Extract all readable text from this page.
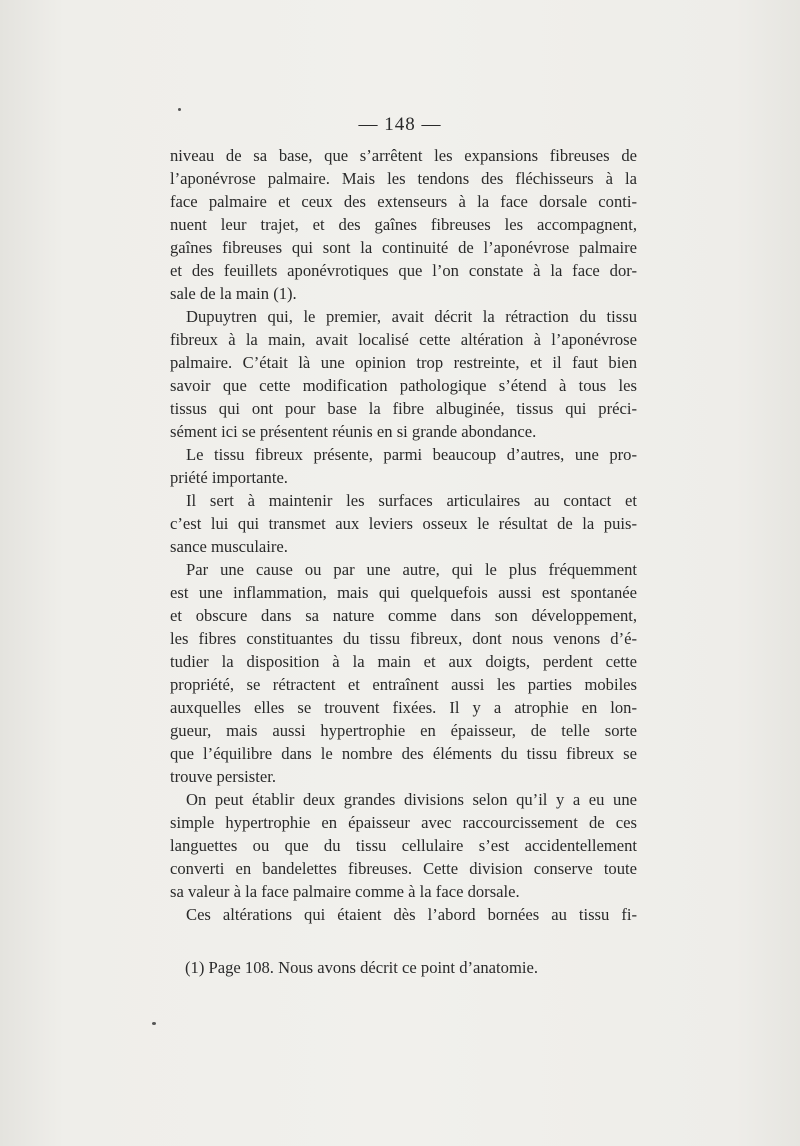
— 148 —
niveau de sa base, que s’arrêtent les expansions fibreuses de
l’aponévrose palmaire. Mais les tendons des fléchisseurs à la
face palmaire et ceux des extenseurs à la face dorsale conti-
nuent leur trajet, et des gaînes fibreuses les accompagnent,
gaînes fibreuses qui sont la continuité de l’aponévrose palmaire
et des feuillets aponévrotiques que l’on constate à la face dor-
sale de la main (1).
Dupuytren qui, le premier, avait décrit la rétraction du tissu
fibreux à la main, avait localisé cette altération à l’aponévrose
palmaire. C’était là une opinion trop restreinte, et il faut bien
savoir que cette modification pathologique s’étend à tous les
tissus qui ont pour base la fibre albuginée, tissus qui préci-
sément ici se présentent réunis en si grande abondance.
Le tissu fibreux présente, parmi beaucoup d’autres, une pro-
priété importante.
Il sert à maintenir les surfaces articulaires au contact et
c’est lui qui transmet aux leviers osseux le résultat de la puis-
sance musculaire.
Par une cause ou par une autre, qui le plus fréquemment
est une inflammation, mais qui quelquefois aussi est spontanée
et obscure dans sa nature comme dans son développement,
les fibres constituantes du tissu fibreux, dont nous venons d’é-
tudier la disposition à la main et aux doigts, perdent cette
propriété, se rétractent et entraînent aussi les parties mobiles
auxquelles elles se trouvent fixées. Il y a atrophie en lon-
gueur, mais aussi hypertrophie en épaisseur, de telle sorte
que l’équilibre dans le nombre des éléments du tissu fibreux se
trouve persister.
On peut établir deux grandes divisions selon qu’il y a eu une
simple hypertrophie en épaisseur avec raccourcissement de ces
languettes ou que du tissu cellulaire s’est accidentellement
converti en bandelettes fibreuses. Cette division conserve toute
sa valeur à la face palmaire comme à la face dorsale.
Ces altérations qui étaient dès l’abord bornées au tissu fi-
(1) Page 108. Nous avons décrit ce point d’anatomie.
